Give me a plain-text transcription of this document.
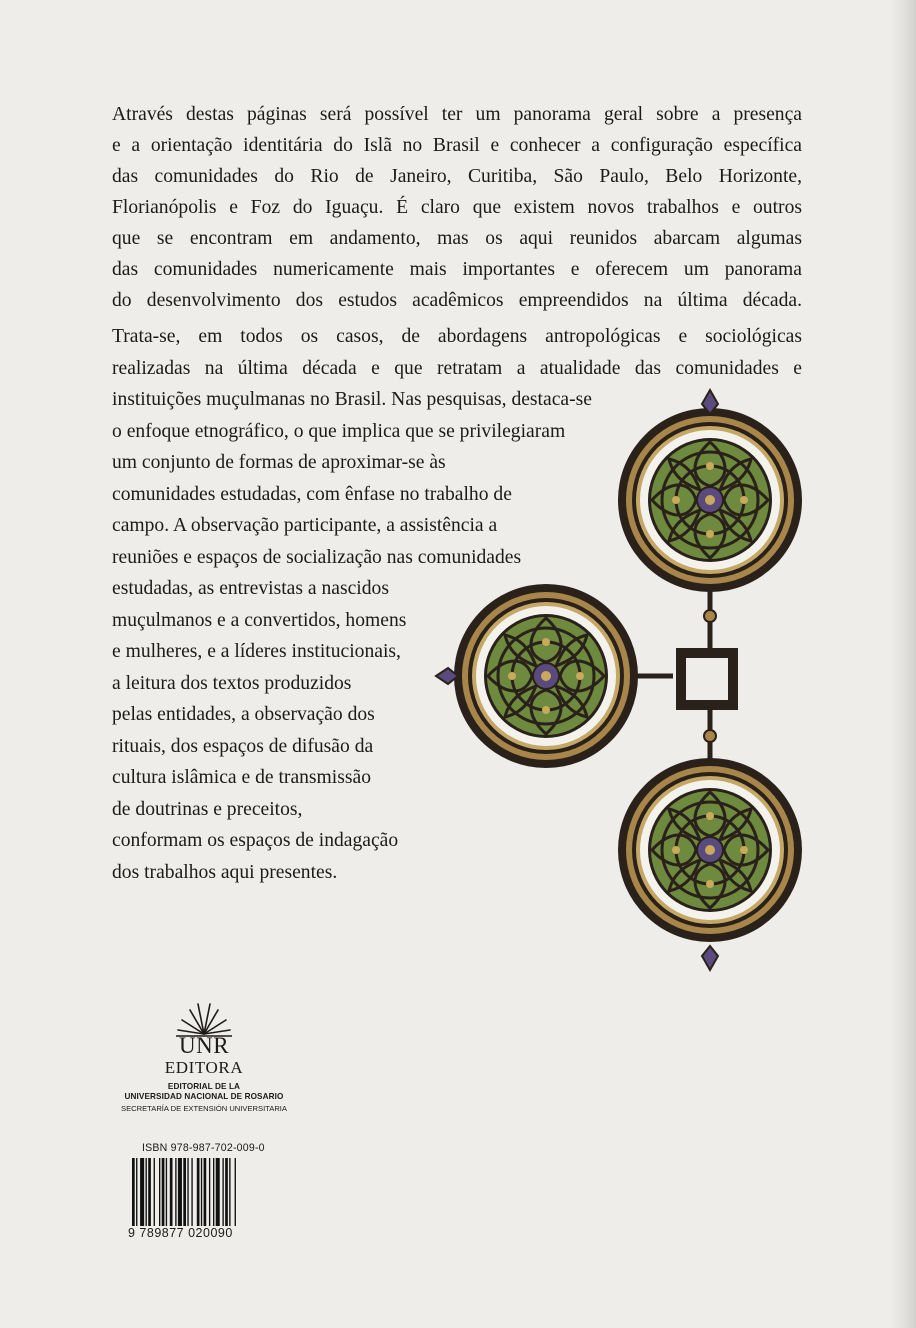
Através destas páginas será possível ter um panorama geral sobre a presença
e a orientação identitária do Islã no Brasil e conhecer a configuração específica
das comunidades do Rio de Janeiro, Curitiba, São Paulo, Belo Horizonte,
Florianópolis e Foz do Iguaçu. É claro que existem novos trabalhos e outros
que se encontram em andamento, mas os aqui reunidos abarcam algumas
das comunidades numericamente mais importantes e oferecem um panorama
do desenvolvimento dos estudos acadêmicos empreendidos na última década.
Trata-se, em todos os casos, de abordagens antropológicas e sociológicas
realizadas na última década e que retratam a atualidade das comunidades e
instituições muçulmanas no Brasil. Nas pesquisas, destaca-se
o enfoque etnográfico, o que implica que se privilegiaram
um conjunto de formas de aproximar-se às
comunidades estudadas, com ênfase no trabalho de
campo. A observação participante, a assistência a
reuniões e espaços de socialização nas comunidades
estudadas, as entrevistas a nascidos
muçulmanos e a convertidos, homens
e mulheres, e a líderes institucionais,
a leitura dos textos produzidos
pelas entidades, a observação dos
rituais, dos espaços de difusão da
cultura islâmica e de transmissão
de doutrinas e preceitos,
conformam os espaços de indagação
dos trabalhos aqui presentes.
UNR
EDITORA
EDITORIAL DE LA
UNIVERSIDAD NACIONAL DE ROSARIO
SECRETARÍA DE EXTENSIÓN UNIVERSITARIA
ISBN 978-987-702-009-0
9 789877 020090
